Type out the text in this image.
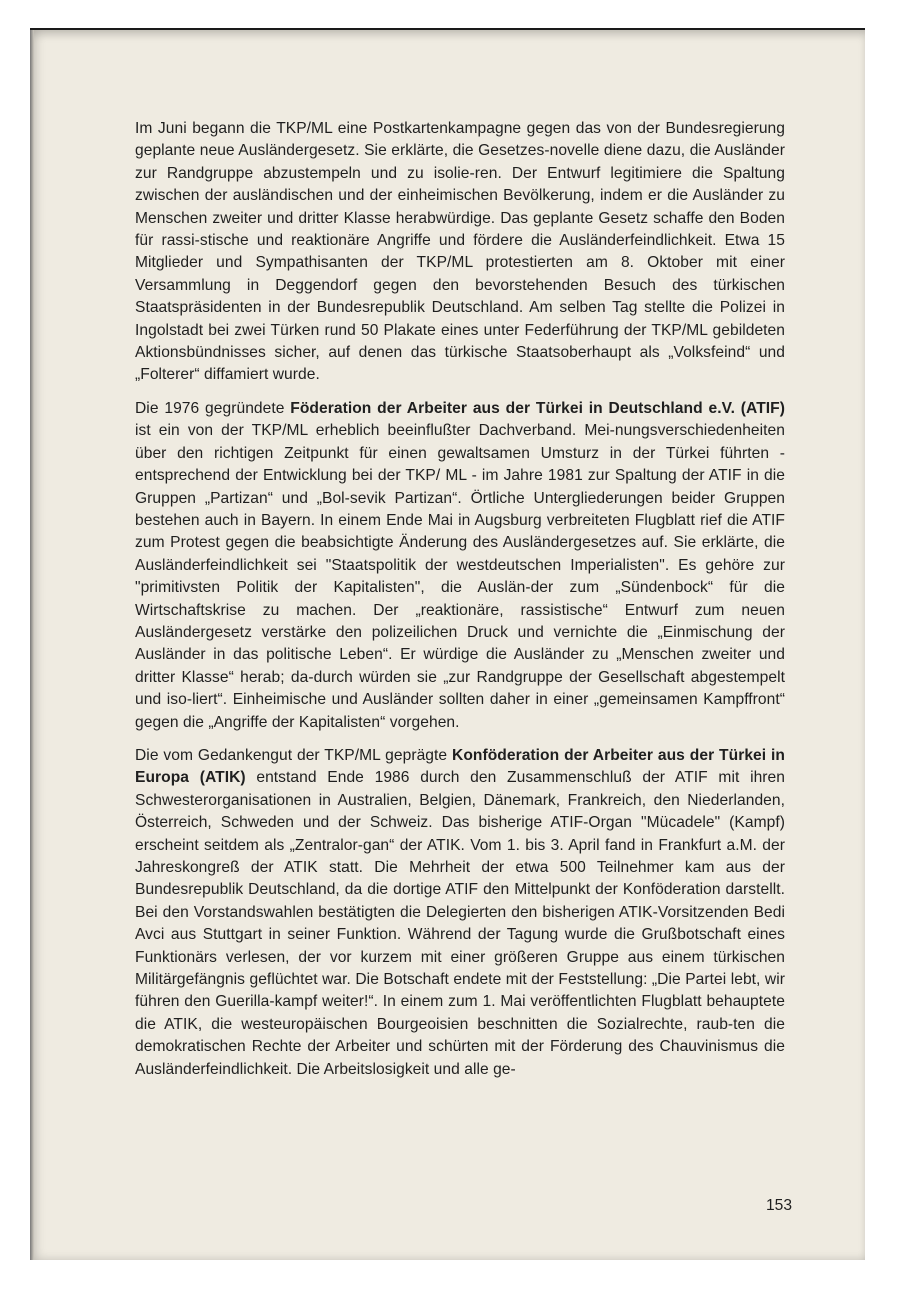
Im Juni begann die TKP/ML eine Postkartenkampagne gegen das von der Bundesregierung geplante neue Ausländergesetz. Sie erklärte, die Gesetzes-novelle diene dazu, die Ausländer zur Randgruppe abzustempeln und zu isolie-ren. Der Entwurf legitimiere die Spaltung zwischen der ausländischen und der einheimischen Bevölkerung, indem er die Ausländer zu Menschen zweiter und dritter Klasse herabwürdige. Das geplante Gesetz schaffe den Boden für rassi-stische und reaktionäre Angriffe und fördere die Ausländerfeindlichkeit. Etwa 15 Mitglieder und Sympathisanten der TKP/ML protestierten am 8. Oktober mit einer Versammlung in Deggendorf gegen den bevorstehenden Besuch des türkischen Staatspräsidenten in der Bundesrepublik Deutschland. Am selben Tag stellte die Polizei in Ingolstadt bei zwei Türken rund 50 Plakate eines unter Federführung der TKP/ML gebildeten Aktionsbündnisses sicher, auf denen das türkische Staatsoberhaupt als „Volksfeind“ und „Folterer“ diffamiert wurde.

Die 1976 gegründete Föderation der Arbeiter aus der Türkei in Deutschland e.V. (ATIF) ist ein von der TKP/ML erheblich beeinflußter Dachverband. Mei-nungsverschiedenheiten über den richtigen Zeitpunkt für einen gewaltsamen Umsturz in der Türkei führten - entsprechend der Entwicklung bei der TKP/ ML - im Jahre 1981 zur Spaltung der ATIF in die Gruppen „Partizan“ und „Bol-sevik Partizan“. Örtliche Untergliederungen beider Gruppen bestehen auch in Bayern. In einem Ende Mai in Augsburg verbreiteten Flugblatt rief die ATIF zum Protest gegen die beabsichtigte Änderung des Ausländergesetzes auf. Sie erklärte, die Ausländerfeindlichkeit sei "Staatspolitik der westdeutschen Imperialisten". Es gehöre zur "primitivsten Politik der Kapitalisten", die Auslän-der zum „Sündenbock“ für die Wirtschaftskrise zu machen. Der „reaktionäre, rassistische“ Entwurf zum neuen Ausländergesetz verstärke den polizeilichen Druck und vernichte die „Einmischung der Ausländer in das politische Leben“. Er würdige die Ausländer zu „Menschen zweiter und dritter Klasse“ herab; da-durch würden sie „zur Randgruppe der Gesellschaft abgestempelt und iso-liert“. Einheimische und Ausländer sollten daher in einer „gemeinsamen Kampffront“ gegen die „Angriffe der Kapitalisten“ vorgehen.

Die vom Gedankengut der TKP/ML geprägte Konföderation der Arbeiter aus der Türkei in Europa (ATIK) entstand Ende 1986 durch den Zusammenschluß der ATIF mit ihren Schwesterorganisationen in Australien, Belgien, Dänemark, Frankreich, den Niederlanden, Österreich, Schweden und der Schweiz. Das bisherige ATIF-Organ "Mücadele" (Kampf) erscheint seitdem als „Zentralor-gan“ der ATIK. Vom 1. bis 3. April fand in Frankfurt a.M. der Jahreskongreß der ATIK statt. Die Mehrheit der etwa 500 Teilnehmer kam aus der Bundesrepublik Deutschland, da die dortige ATIF den Mittelpunkt der Konföderation darstellt. Bei den Vorstandswahlen bestätigten die Delegierten den bisherigen ATIK-Vorsitzenden Bedi Avci aus Stuttgart in seiner Funktion. Während der Tagung wurde die Grußbotschaft eines Funktionärs verlesen, der vor kurzem mit einer größeren Gruppe aus einem türkischen Militärgefängnis geflüchtet war. Die Botschaft endete mit der Feststellung: „Die Partei lebt, wir führen den Guerilla-kampf weiter!“. In einem zum 1. Mai veröffentlichten Flugblatt behauptete die ATIK, die westeuropäischen Bourgeoisien beschnitten die Sozialrechte, raub-ten die demokratischen Rechte der Arbeiter und schürten mit der Förderung des Chauvinismus die Ausländerfeindlichkeit. Die Arbeitslosigkeit und alle ge-

153
